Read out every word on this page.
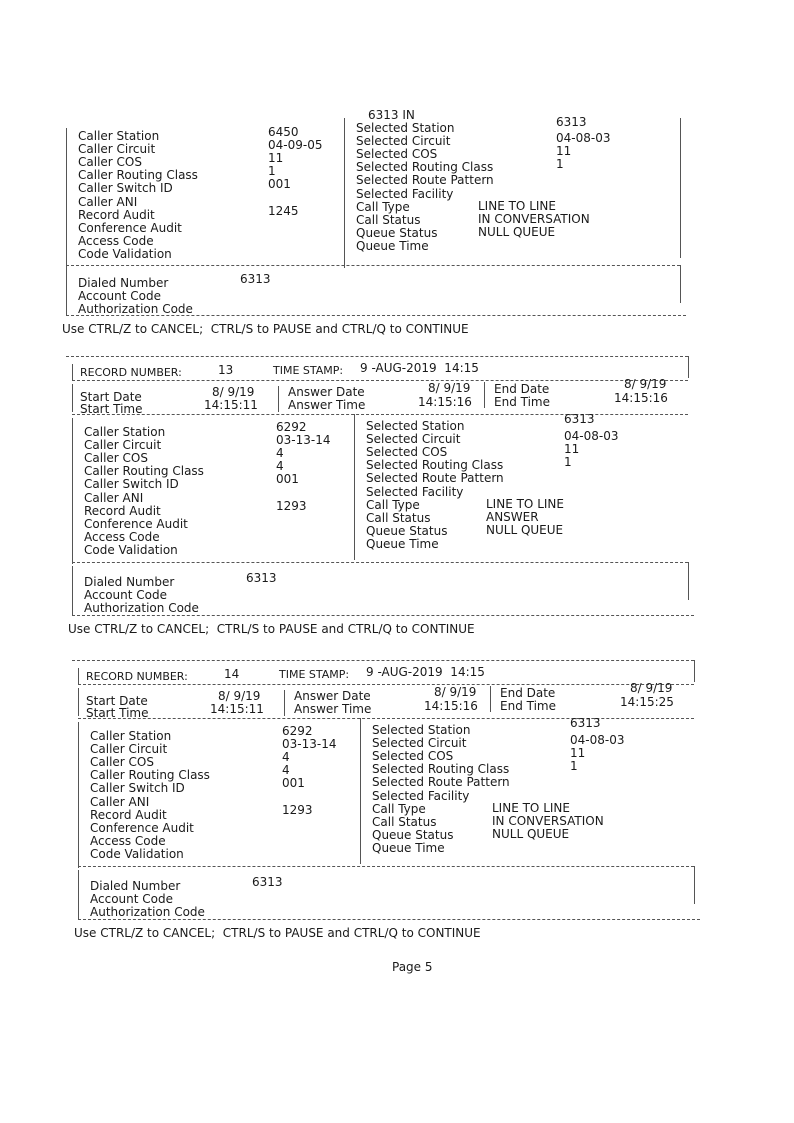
6313 IN
Caller Station	6450
Caller Circuit	04-09-05
Caller COS	11
Caller Routing Class	1
Caller Switch ID	001
Caller ANI
Record Audit	1245
Conference Audit
Access Code
Code Validation
Selected Station	6313
Selected Circuit	04-08-03
Selected COS	11
Selected Routing Class	1
Selected Route Pattern
Selected Facility
Call Type	LINE TO LINE
Call Status	IN CONVERSATION
Queue Status	NULL QUEUE
Queue Time
Dialed Number	6313
Account Code
Authorization Code
Use CTRL/Z to CANCEL;  CTRL/S to PAUSE and CTRL/Q to CONTINUE
RECORD NUMBER:	13	TIME STAMP: 9 -AUG-2019  14:15
Start Date	8/ 9/19
Start Time	14:15:11
Answer Date	8/ 9/19
Answer Time	14:15:16
End Date	8/ 9/19
End Time	14:15:16
Caller Station	6292
Caller Circuit	03-13-14
Caller COS	4
Caller Routing Class	4
Caller Switch ID	001
Caller ANI
Record Audit	1293
Conference Audit
Access Code
Code Validation
Selected Station	6313
Selected Circuit	04-08-03
Selected COS	11
Selected Routing Class	1
Selected Route Pattern
Selected Facility
Call Type	LINE TO LINE
Call Status	ANSWER
Queue Status	NULL QUEUE
Queue Time
Dialed Number	6313
Account Code
Authorization Code
Use CTRL/Z to CANCEL;  CTRL/S to PAUSE and CTRL/Q to CONTINUE
RECORD NUMBER:	14	TIME STAMP: 9 -AUG-2019  14:15
Start Date	8/ 9/19
Start Time	14:15:11
Answer Date	8/ 9/19
Answer Time	14:15:16
End Date	8/ 9/19
End Time	14:15:25
Caller Station	6292
Caller Circuit	03-13-14
Caller COS	4
Caller Routing Class	4
Caller Switch ID	001
Caller ANI
Record Audit	1293
Conference Audit
Access Code
Code Validation
Selected Station	6313
Selected Circuit	04-08-03
Selected COS	11
Selected Routing Class	1
Selected Route Pattern
Selected Facility
Call Type	LINE TO LINE
Call Status	IN CONVERSATION
Queue Status	NULL QUEUE
Queue Time
Dialed Number	6313
Account Code
Authorization Code
Use CTRL/Z to CANCEL;  CTRL/S to PAUSE and CTRL/Q to CONTINUE
Page 5
